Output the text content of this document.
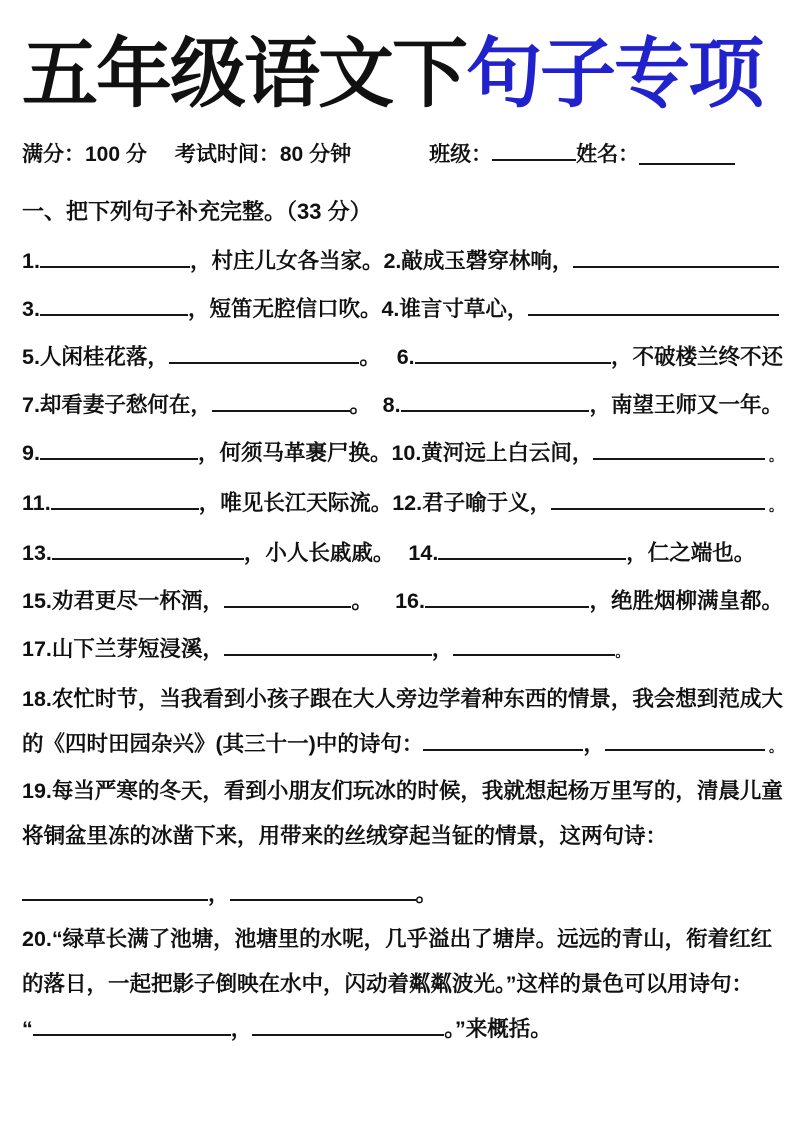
五年级语文下句子专项
满分：100 分 考试时间：80 分钟	班级：	姓名：
一、把下列句子补充完整。（33 分）
1.	，村庄儿女各当家。2.敲成玉磬穿林响，
3.	，短笛无腔信口吹。4.谁言寸草心，
5.人闲桂花落，	。 6.	，不破楼兰终不还
7.却看妻子愁何在，	。 8.	，南望王师又一年。
9.	，何须马革裹尸换。10.黄河远上白云间，	。
11.	，唯见长江天际流。12.君子喻于义，	。
13.	，小人长戚戚。 14.	，仁之端也。
15.劝君更尽一杯酒，	。 16.	，绝胜烟柳满皇都。
17.山下兰芽短浸溪，	，	。
18.农忙时节，当我看到小孩子跟在大人旁边学着种东西的情景，我会想到范成大
的《四时田园杂兴》(其三十一)中的诗句：	，	。
19.每当严寒的冬天，看到小朋友们玩冰的时候，我就想起杨万里写的，清晨儿童
将铜盆里冻的冰凿下来，用带来的丝绒穿起当钲的情景，这两句诗：
，	。
20.“绿草长满了池塘，池塘里的水呢，几乎溢出了塘岸。远远的青山，衔着红红
的落日，一起把影子倒映在水中，闪动着粼粼波光。”这样的景色可以用诗句：
“	，	。”来概括。
